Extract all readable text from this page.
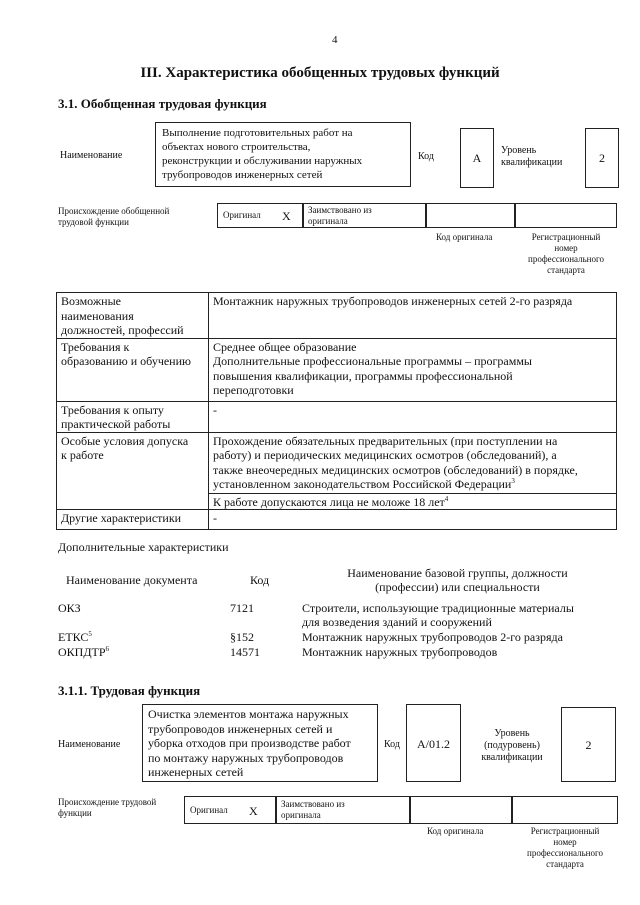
4
III. Характеристика обобщенных трудовых функций
3.1. Обобщенная трудовая функция
Наименование
Выполнение подготовительных работ на
объектах нового строительства,
реконструкции и обслуживании наружных
трубопроводов инженерных сетей
Код	А
Уровень
квалификации	2
Происхождение обобщенной
трудовой функции
Оригинал X Заимствовано из
оригинала
Код оригинала	Регистрационный
номер
профессионального
стандарта
Возможные
наименования
должностей, профессий	Монтажник наружных трубопроводов инженерных сетей 2-го разряда
Требования к
образованию и обучению	Среднее общее образование
Дополнительные профессиональные программы – программы
повышения квалификации, программы профессиональной
переподготовки
Требования к опыту
практической работы	-
Особые условия допуска
к работе	Прохождение обязательных предварительных (при поступлении на
работу) и периодических медицинских осмотров (обследований), а
также внеочередных медицинских осмотров (обследований) в порядке,
установленном законодательством Российской Федерации$^3$
	К работе допускаются лица не моложе 18 лет$^4$
Другие характеристики	-
Дополнительные характеристики
Наименование документа	Код	Наименование базовой группы, должности
(профессии) или специальности
ОКЗ	7121	Строители, использующие традиционные материалы
для возведения зданий и сооружений
ЕТКС$^5$	§152	Монтажник наружных трубопроводов 2-го разряда
ОКПДТР$^6$	14571	Монтажник наружных трубопроводов
3.1.1. Трудовая функция
Наименование
Очистка элементов монтажа наружных
трубопроводов инженерных сетей и
уборка отходов при производстве работ
по монтажу наружных трубопроводов
инженерных сетей
Код	А/01.2
Уровень
(подуровень)
квалификации
2
Происхождение трудовой
функции	Оригинал X	Заимствовано из
оригинала
Код оригинала	Регистрационный
номер
профессионального
стандарта
